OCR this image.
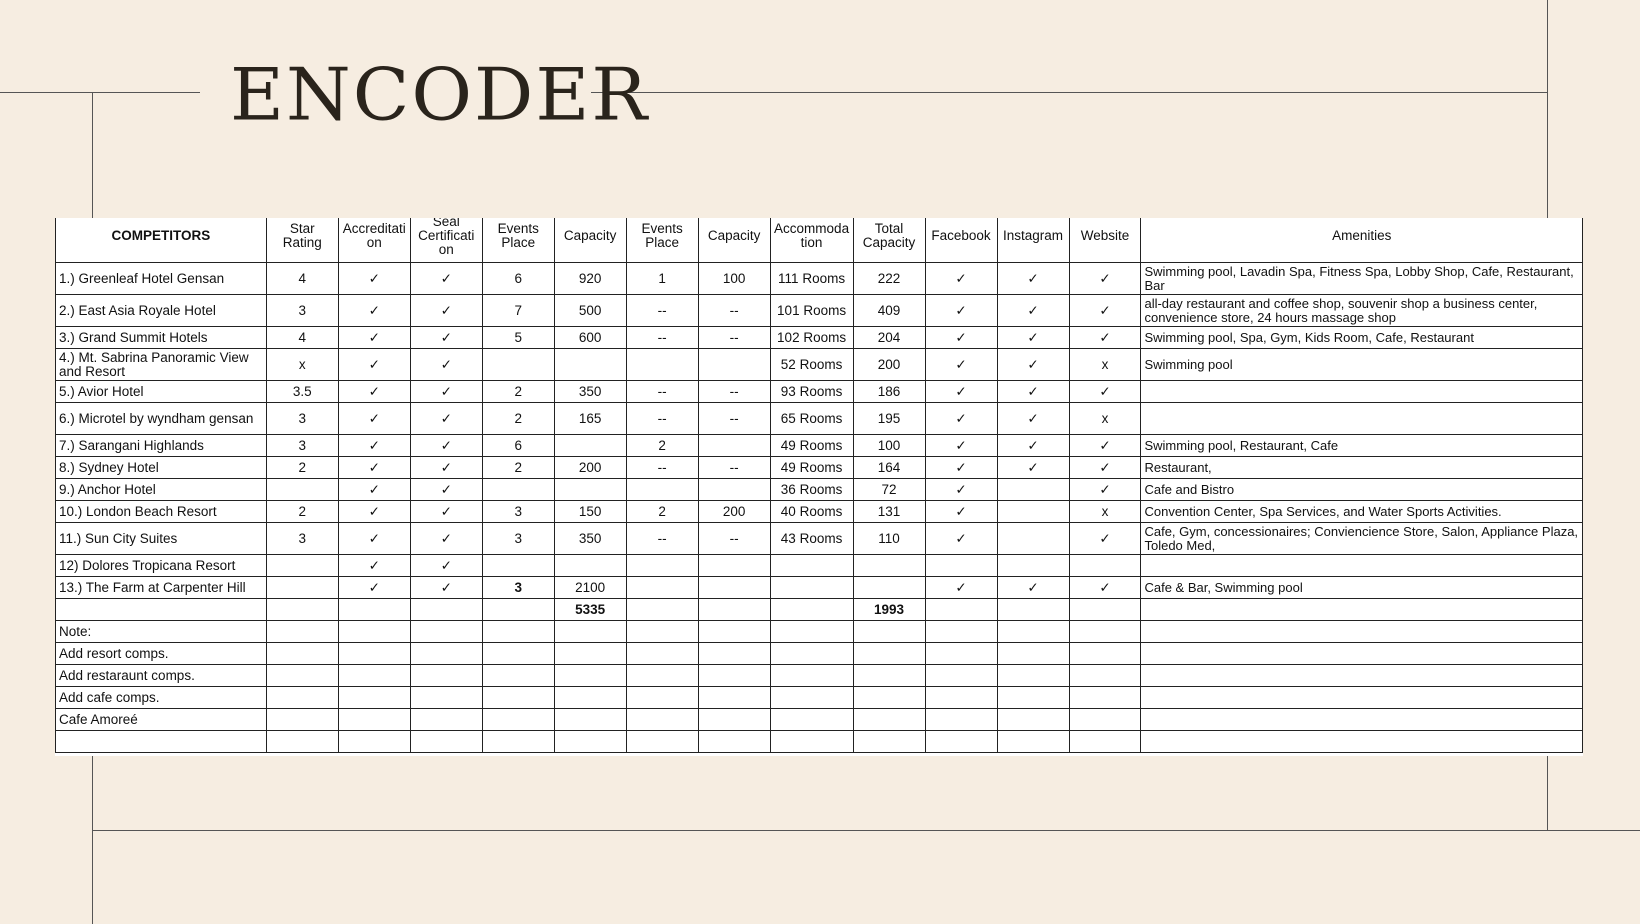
ENCODER
COMPETITORS	Star Rating	Accreditati on	Seal Certificati on	Events Place	Capacity	Events Place	Capacity	Accommoda tion	Total Capacity	Facebook	Instagram	Website	Amenities
1.) Greenleaf Hotel Gensan	4	✓	✓	6	920	1	100	111 Rooms	222	✓	✓	✓	Swimming pool, Lavadin Spa, Fitness Spa, Lobby Shop, Cafe, Restaurant, Bar
2.) East Asia Royale Hotel	3	✓	✓	7	500	--	--	101 Rooms	409	✓	✓	✓	all-day restaurant and coffee shop, souvenir shop a business center, convenience store, 24 hours massage shop
3.) Grand Summit Hotels	4	✓	✓	5	600	--	--	102 Rooms	204	✓	✓	✓	Swimming pool, Spa, Gym, Kids Room, Cafe, Restaurant
4.) Mt. Sabrina Panoramic View and Resort	x	✓	✓					52 Rooms	200	✓	✓	x	Swimming pool
5.) Avior Hotel	3.5	✓	✓	2	350	--	--	93 Rooms	186	✓	✓	✓	
6.) Microtel by wyndham gensan	3	✓	✓	2	165	--	--	65 Rooms	195	✓	✓	x	
7.) Sarangani Highlands	3	✓	✓	6		2		49 Rooms	100	✓	✓	✓	Swimming pool, Restaurant, Cafe
8.) Sydney Hotel	2	✓	✓	2	200	--	--	49 Rooms	164	✓	✓	✓	Restaurant,
9.) Anchor Hotel		✓	✓					36 Rooms	72	✓		✓	Cafe and Bistro
10.) London Beach Resort	2	✓	✓	3	150	2	200	40 Rooms	131	✓		x	Convention Center, Spa Services, and Water Sports Activities.
11.) Sun City Suites	3	✓	✓	3	350	--	--	43 Rooms	110	✓		✓	Cafe, Gym, concessionaires; Conviencience Store, Salon, Appliance Plaza, Toledo Med,
12) Dolores Tropicana Resort		✓	✓										
13.) The Farm at Carpenter Hill		✓	✓	3	2100					✓	✓	✓	Cafe & Bar, Swimming pool
					5335				1993				
Note:													
Add resort comps.													
Add restaraunt comps.													
Add cafe comps.													
Cafe Amoreé													
